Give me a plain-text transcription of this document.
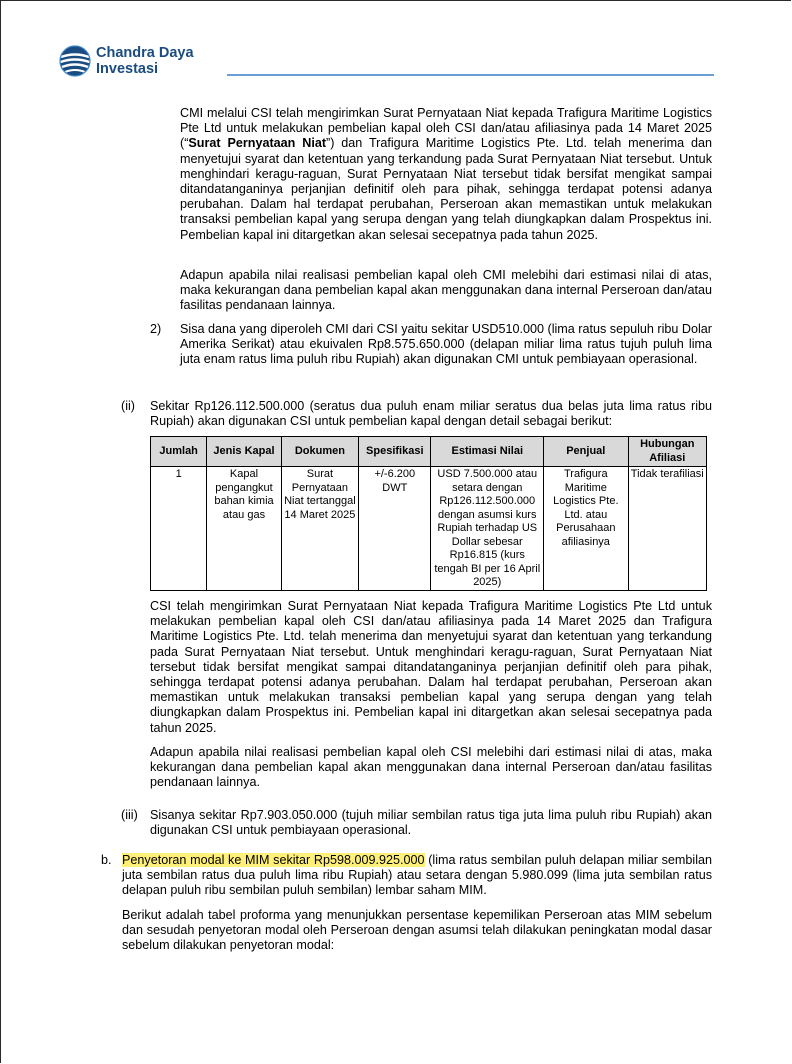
Chandra Daya
Investasi

CMI melalui CSI telah mengirimkan Surat Pernyataan Niat kepada Trafigura Maritime Logistics Pte Ltd untuk melakukan pembelian kapal oleh CSI dan/atau afiliasinya pada 14 Maret 2025 (“Surat Pernyataan Niat”) dan Trafigura Maritime Logistics Pte. Ltd. telah menerima dan menyetujui syarat dan ketentuan yang terkandung pada Surat Pernyataan Niat tersebut. Untuk menghindari keragu-raguan, Surat Pernyataan Niat tersebut tidak bersifat mengikat sampai ditandatanganinya perjanjian definitif oleh para pihak, sehingga terdapat potensi adanya perubahan. Dalam hal terdapat perubahan, Perseroan akan memastikan untuk melakukan transaksi pembelian kapal yang serupa dengan yang telah diungkapkan dalam Prospektus ini. Pembelian kapal ini ditargetkan akan selesai secepatnya pada tahun 2025.

Adapun apabila nilai realisasi pembelian kapal oleh CMI melebihi dari estimasi nilai di atas, maka kekurangan dana pembelian kapal akan menggunakan dana internal Perseroan dan/atau fasilitas pendanaan lainnya.

2) Sisa dana yang diperoleh CMI dari CSI yaitu sekitar USD510.000 (lima ratus sepuluh ribu Dolar Amerika Serikat) atau ekuivalen Rp8.575.650.000 (delapan miliar lima ratus tujuh puluh lima juta enam ratus lima puluh ribu Rupiah) akan digunakan CMI untuk pembiayaan operasional.
(ii) Sekitar Rp126.112.500.000 (seratus dua puluh enam miliar seratus dua belas juta lima ratus ribu Rupiah) akan digunakan CSI untuk pembelian kapal dengan detail sebagai berikut:
Jumlah	Jenis Kapal	Dokumen	Spesifikasi	Estimasi Nilai	Penjual	Hubungan Afiliasi
1	Kapal pengangkut bahan kimia atau gas	Surat Pernyataan Niat tertanggal 14 Maret 2025	+/-6.200 DWT	USD 7.500.000 atau setara dengan Rp126.112.500.000 dengan asumsi kurs Rupiah terhadap US Dollar sebesar Rp16.815 (kurs tengah BI per 16 April 2025)	Trafigura Maritime Logistics Pte. Ltd. atau Perusahaan afiliasinya	Tidak terafiliasi

CSI telah mengirimkan Surat Pernyataan Niat kepada Trafigura Maritime Logistics Pte Ltd untuk melakukan pembelian kapal oleh CSI dan/atau afiliasinya pada 14 Maret 2025 dan Trafigura Maritime Logistics Pte. Ltd. telah menerima dan menyetujui syarat dan ketentuan yang terkandung pada Surat Pernyataan Niat tersebut. Untuk menghindari keragu-raguan, Surat Pernyataan Niat tersebut tidak bersifat mengikat sampai ditandatanganinya perjanjian definitif oleh para pihak, sehingga terdapat potensi adanya perubahan. Dalam hal terdapat perubahan, Perseroan akan memastikan untuk melakukan transaksi pembelian kapal yang serupa dengan yang telah diungkapkan dalam Prospektus ini. Pembelian kapal ini ditargetkan akan selesai secepatnya pada tahun 2025.

Adapun apabila nilai realisasi pembelian kapal oleh CSI melebihi dari estimasi nilai di atas, maka kekurangan dana pembelian kapal akan menggunakan dana internal Perseroan dan/atau fasilitas pendanaan lainnya.

(iii) Sisanya sekitar Rp7.903.050.000 (tujuh miliar sembilan ratus tiga juta lima puluh ribu Rupiah) akan digunakan CSI untuk pembiayaan operasional.
b. Penyetoran modal ke MIM sekitar Rp598.009.925.000 (lima ratus sembilan puluh delapan miliar sembilan juta sembilan ratus dua puluh lima ribu Rupiah) atau setara dengan 5.980.099 (lima juta sembilan ratus delapan puluh ribu sembilan puluh sembilan) lembar saham MIM.

Berikut adalah tabel proforma yang menunjukkan persentase kepemilikan Perseroan atas MIM sebelum dan sesudah penyetoran modal oleh Perseroan dengan asumsi telah dilakukan peningkatan modal dasar sebelum dilakukan penyetoran modal:
